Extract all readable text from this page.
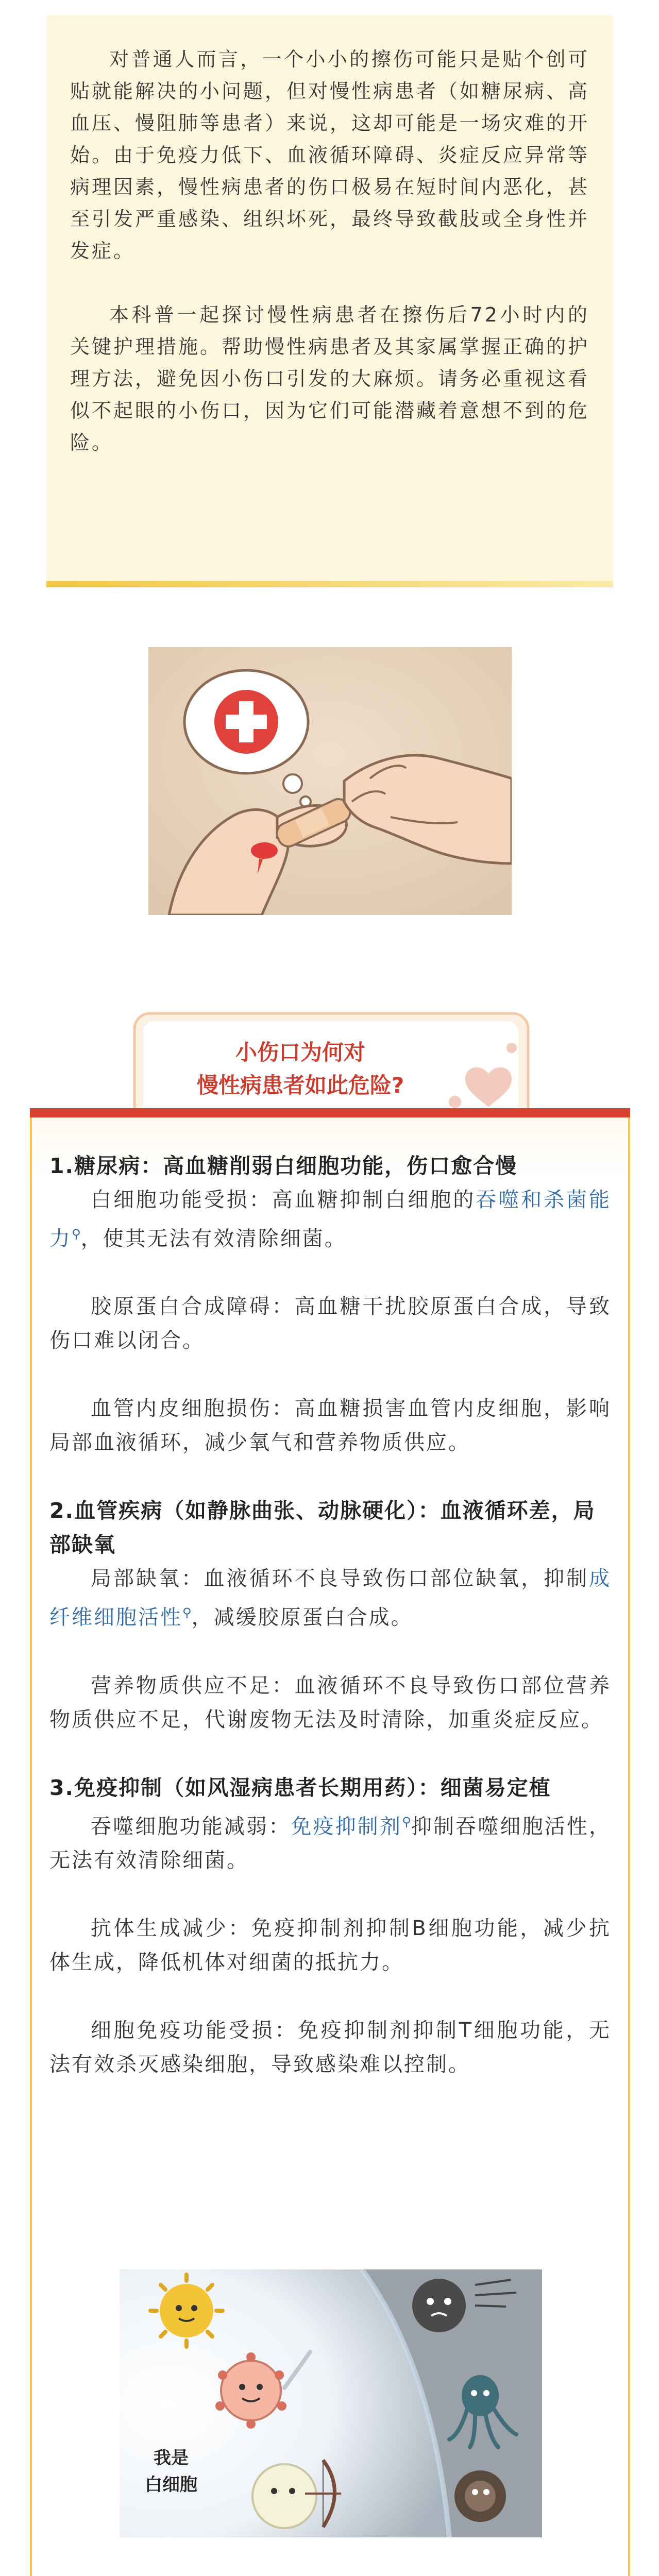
对普通人而言，一个小小的擦伤可能只是贴个创可贴就能解决的小问题，但对慢性病患者（如糖尿病、高血压、慢阻肺等患者）来说，这却可能是一场灾难的开始。由于免疫力低下、血液循环障碍、炎症反应异常等病理因素，慢性病患者的伤口极易在短时间内恶化，甚至引发严重感染、组织坏死，最终导致截肢或全身性并发症。

本科普一起探讨慢性病患者在擦伤后72小时内的关键护理措施。帮助慢性病患者及其家属掌握正确的护理方法，避免因小伤口引发的大麻烦。请务必重视这看似不起眼的小伤口，因为它们可能潜藏着意想不到的危险。

小伤口为何对
慢性病患者如此危险?
1.糖尿病：高血糖削弱白细胞功能，伤口愈合慢

白细胞功能受损：高血糖抑制白细胞的吞噬和杀菌能力⚲，使其无法有效清除细菌。

胶原蛋白合成障碍：高血糖干扰胶原蛋白合成，导致伤口难以闭合。

血管内皮细胞损伤：高血糖损害血管内皮细胞，影响局部血液循环，减少氧气和营养物质供应。

2.血管疾病（如静脉曲张、动脉硬化）：血液循环差，局部缺氧

局部缺氧：血液循环不良导致伤口部位缺氧，抑制成纤维细胞活性⚲，减缓胶原蛋白合成。

营养物质供应不足：血液循环不良导致伤口部位营养物质供应不足，代谢废物无法及时清除，加重炎症反应。

3.免疫抑制（如风湿病患者长期用药）：细菌易定植

吞噬细胞功能减弱：免疫抑制剂⚲抑制吞噬细胞活性，无法有效清除细菌。

抗体生成减少：免疫抑制剂抑制B细胞功能，减少抗体生成，降低机体对细菌的抵抗力。

细胞免疫功能受损：免疫抑制剂抑制T细胞功能，无法有效杀灭感染细胞，导致感染难以控制。

我是
白细胞
